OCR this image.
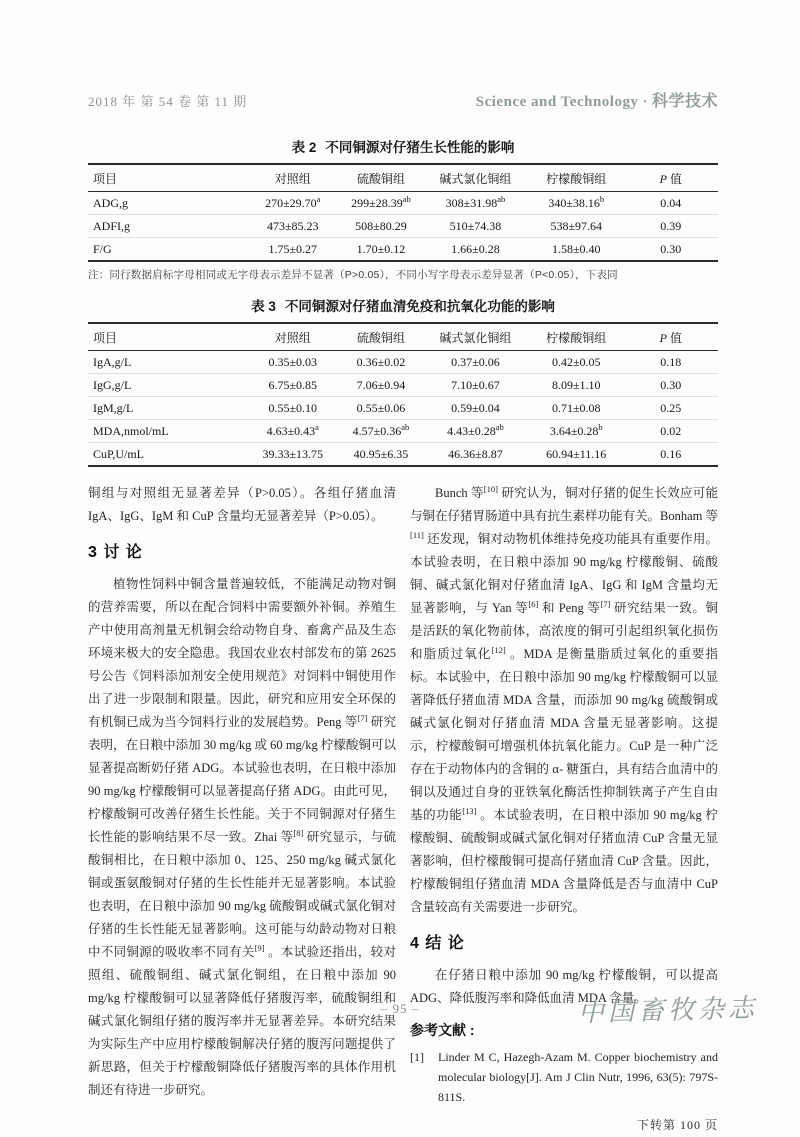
2018 年 第 54 卷 第 11 期	Science and Technology · 科学技术
表 2 不同铜源对仔猪生长性能的影响
项目	对照组	硫酸铜组	碱式氯化铜组	柠檬酸铜组	P 值
ADG,g	270±29.70$^a$	299±28.39$^{ab}$	308±31.98$^{ab}$	340±38.16$^b$	0.04
ADFI,g	473±85.23	508±80.29	510±74.38	538±97.64	0.39
F/G	1.75±0.27	1.70±0.12	1.66±0.28	1.58±0.40	0.30
注：同行数据肩标字母相同或无字母表示差异不显著（P>0.05），不同小写字母表示差异显著（P<0.05），下表同
表 3 不同铜源对仔猪血清免疫和抗氧化功能的影响
项目	对照组	硫酸铜组	碱式氯化铜组	柠檬酸铜组	P 值
IgA,g/L	0.35±0.03	0.36±0.02	0.37±0.06	0.42±0.05	0.18
IgG,g/L	6.75±0.85	7.06±0.94	7.10±0.67	8.09±1.10	0.30
IgM,g/L	0.55±0.10	0.55±0.06	0.59±0.04	0.71±0.08	0.25
MDA,nmol/mL	4.63±0.43$^a$	4.57±0.36$^{ab}$	4.43±0.28$^{ab}$	3.64±0.28$^b$	0.02
CuP,U/mL	39.33±13.75	40.95±6.35	46.36±8.87	60.94±11.16	0.16

铜组与对照组无显著差异（P>0.05）。各组仔猪血清 IgA、IgG、IgM 和 CuP 含量均无显著差异（P>0.05）。

3 讨 论

植物性饲料中铜含量普遍较低，不能满足动物对铜的营养需要，所以在配合饲料中需要额外补铜。养殖生产中使用高剂量无机铜会给动物自身、畜禽产品及生态环境来极大的安全隐患。我国农业农村部发布的第 2625 号公告《饲料添加剂安全使用规范》对饲料中铜使用作出了进一步限制和限量。因此，研究和应用安全环保的有机铜已成为当今饲料行业的发展趋势。Peng 等[7] 研究表明，在日粮中添加 30 mg/kg 或 60 mg/kg 柠檬酸铜可以显著提高断奶仔猪 ADG。本试验也表明，在日粮中添加 90 mg/kg 柠檬酸铜可以显著提高仔猪 ADG。由此可见，柠檬酸铜可改善仔猪生长性能。关于不同铜源对仔猪生长性能的影响结果不尽一致。Zhai 等[8] 研究显示，与硫酸铜相比，在日粮中添加 0、125、250 mg/kg 碱式氯化铜或蛋氨酸铜对仔猪的生长性能并无显著影响。本试验也表明，在日粮中添加 90 mg/kg 硫酸铜或碱式氯化铜对仔猪的生长性能无显著影响。这可能与幼龄动物对日粮中不同铜源的吸收率不同有关[9] 。本试验还指出，较对照组、硫酸铜组、碱式氯化铜组，在日粮中添加 90 mg/kg 柠檬酸铜可以显著降低仔猪腹泻率，硫酸铜组和碱式氯化铜组仔猪的腹泻率并无显著差异。本研究结果为实际生产中应用柠檬酸铜解决仔猪的腹泻问题提供了新思路，但关于柠檬酸铜降低仔猪腹泻率的具体作用机制还有待进一步研究。

Bunch 等[10] 研究认为，铜对仔猪的促生长效应可能与铜在仔猪胃肠道中具有抗生素样功能有关。Bonham 等[11] 还发现，铜对动物机体维持免疫功能具有重要作用。本试验表明，在日粮中添加 90 mg/kg 柠檬酸铜、硫酸铜、碱式氯化铜对仔猪血清 IgA、IgG 和 IgM 含量均无显著影响，与 Yan 等[6] 和 Peng 等[7] 研究结果一致。铜是活跃的氧化物前体，高浓度的铜可引起组织氧化损伤和脂质过氧化[12] 。MDA 是衡量脂质过氧化的重要指标。本试验中，在日粮中添加 90 mg/kg 柠檬酸铜可以显著降低仔猪血清 MDA 含量，而添加 90 mg/kg 硫酸铜或碱式氯化铜对仔猪血清 MDA 含量无显著影响。这提示，柠檬酸铜可增强机体抗氧化能力。CuP 是一种广泛存在于动物体内的含铜的 α- 糖蛋白，具有结合血清中的铜以及通过自身的亚铁氧化酶活性抑制铁离子产生自由基的功能[13] 。本试验表明，在日粮中添加 90 mg/kg 柠檬酸铜、硫酸铜或碱式氯化铜对仔猪血清 CuP 含量无显著影响，但柠檬酸铜可提高仔猪血清 CuP 含量。因此，柠檬酸铜组仔猪血清 MDA 含量降低是否与血清中 CuP 含量较高有关需要进一步研究。

4 结 论

在仔猪日粮中添加 90 mg/kg 柠檬酸铜，可以提高 ADG、降低腹泻率和降低血清 MDA 含量。

参考文献 :
[1]	Linder M C, Hazegh-Azam M. Copper biochemistry and molecular biology[J]. Am J Clin Nutr, 1996, 63(5): 797S-811S.
下转第 100 页
– 95 –	中国畜牧杂志
